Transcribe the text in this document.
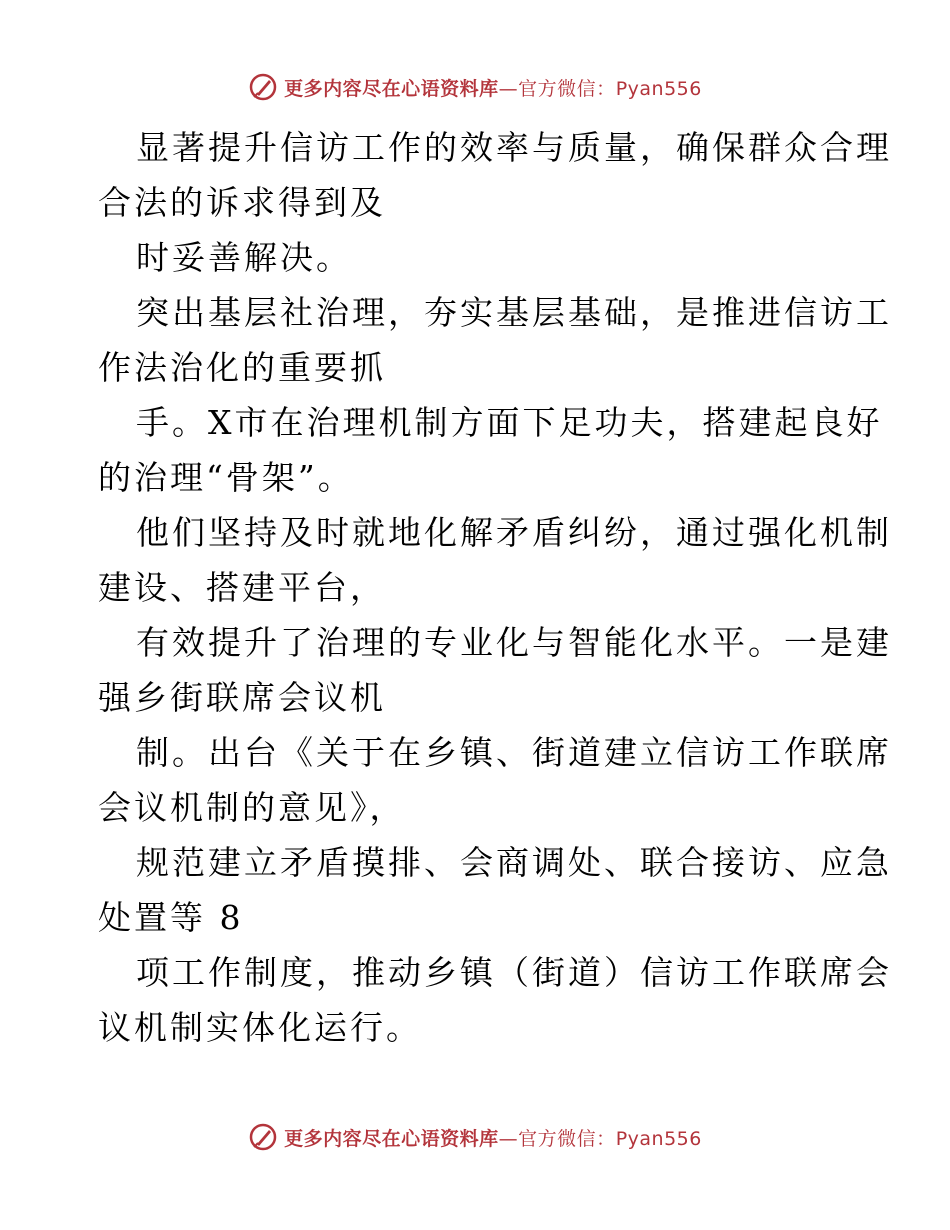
更多内容尽在心语资料库—官方微信：Pyan556

显著提升信访工作的效率与质量，确保群众合理

合法的诉求得到及

时妥善解决。

突出基层社治理，夯实基层基础，是推进信访工

作法治化的重要抓

手。X市在治理机制方面下足功夫，搭建起良好

的治理“骨架”。

他们坚持及时就地化解矛盾纠纷，通过强化机制

建设、搭建平台，

有效提升了治理的专业化与智能化水平。一是建

强乡街联席会议机

制。出台《关于在乡镇、街道建立信访工作联席

会议机制的意见》，

规范建立矛盾摸排、会商调处、联合接访、应急

处置等 8

项工作制度，推动乡镇（街道）信访工作联席会

议机制实体化运行。

更多内容尽在心语资料库—官方微信：Pyan556
